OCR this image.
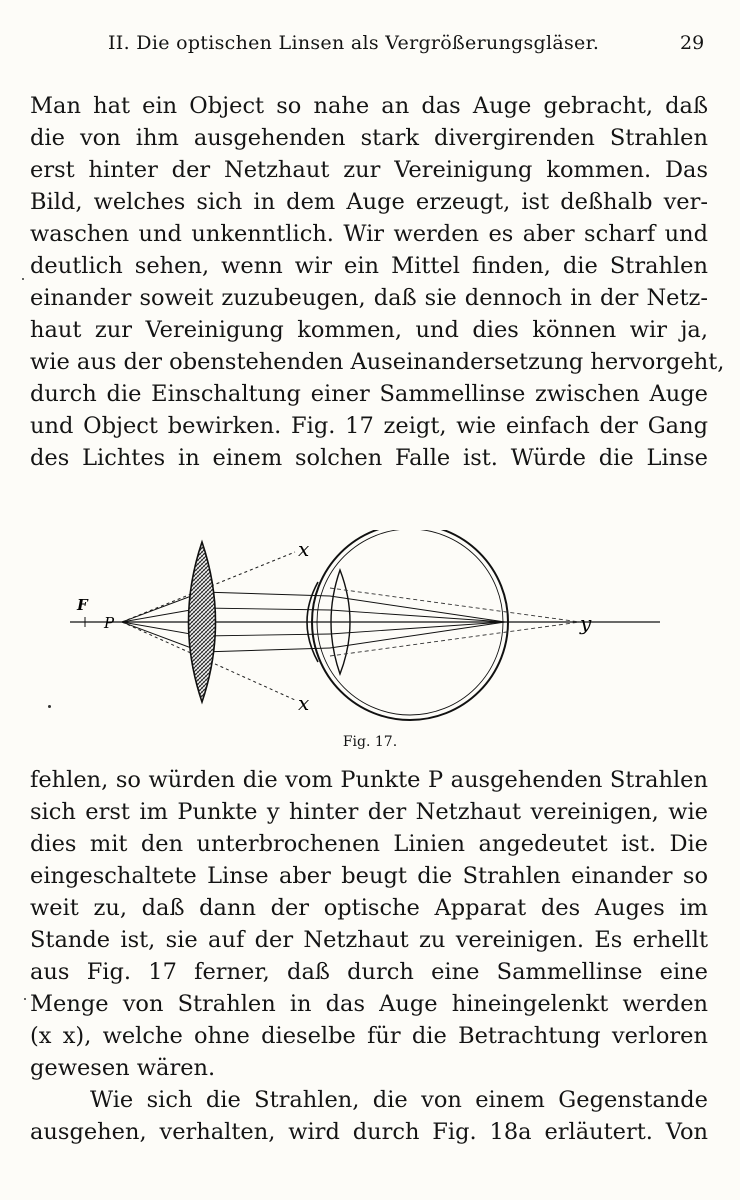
II. Die optischen Linsen als Vergrößerungsgläser.	29
Man hat ein Object so nahe an das Auge gebracht, daß
die von ihm ausgehenden stark divergirenden Strahlen
erst hinter der Netzhaut zur Vereinigung kommen. Das
Bild, welches sich in dem Auge erzeugt, ist deßhalb ver-
waschen und unkenntlich. Wir werden es aber scharf und
deutlich sehen, wenn wir ein Mittel finden, die Strahlen
einander soweit zuzubeugen, daß sie dennoch in der Netz-
haut zur Vereinigung kommen, und dies können wir ja,
wie aus der obenstehenden Auseinandersetzung hervorgeht,
durch die Einschaltung einer Sammellinse zwischen Auge
und Object bewirken. Fig. 17 zeigt, wie einfach der Gang
des Lichtes in einem solchen Falle ist. Würde die Linse
F
P
x
x
y
Fig. 17.
fehlen, so würden die vom Punkte P ausgehenden Strahlen
sich erst im Punkte y hinter der Netzhaut vereinigen, wie
dies mit den unterbrochenen Linien angedeutet ist. Die
eingeschaltete Linse aber beugt die Strahlen einander so
weit zu, daß dann der optische Apparat des Auges im
Stande ist, sie auf der Netzhaut zu vereinigen. Es erhellt
aus Fig. 17 ferner, daß durch eine Sammellinse eine
Menge von Strahlen in das Auge hineingelenkt werden
(x x), welche ohne dieselbe für die Betrachtung verloren
gewesen wären.
Wie sich die Strahlen, die von einem Gegenstande
ausgehen, verhalten, wird durch Fig. 18a erläutert. Von
